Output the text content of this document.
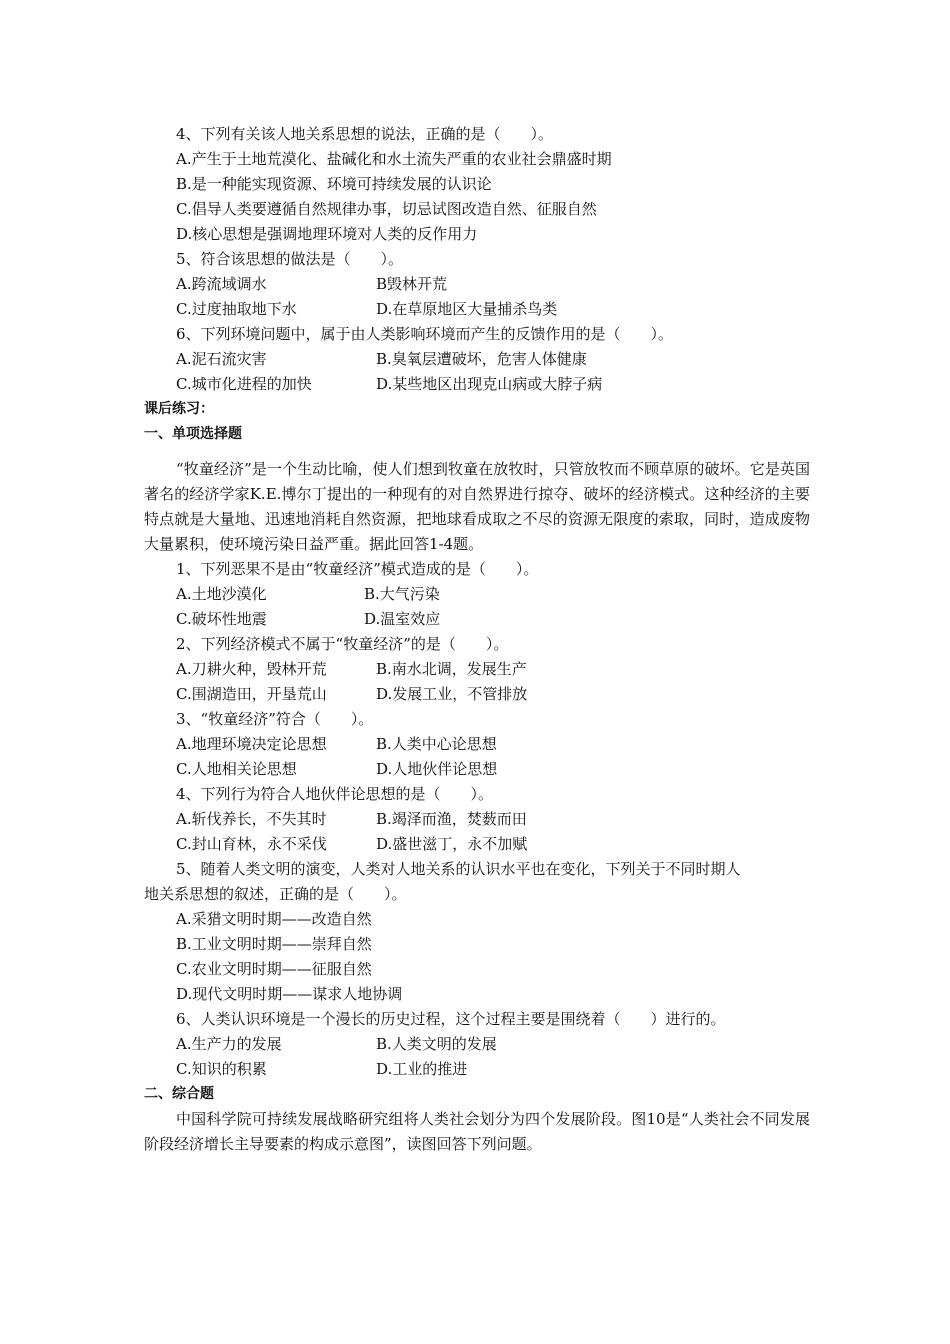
4、下列有关该人地关系思想的说法，正确的是（　　）。
A.产生于土地荒漠化、盐碱化和水土流失严重的农业社会鼎盛时期
B.是一种能实现资源、环境可持续发展的认识论
C.倡导人类要遵循自然规律办事，切忌试图改造自然、征服自然
D.核心思想是强调地理环境对人类的反作用力
5、符合该思想的做法是（　　）。
A.跨流域调水	B毁林开荒
C.过度抽取地下水	D.在草原地区大量捕杀鸟类
6、下列环境问题中，属于由人类影响环境而产生的反馈作用的是（　　）。
A.泥石流灾害	B.臭氧层遭破坏，危害人体健康
C.城市化进程的加快	D.某些地区出现克山病或大脖子病
课后练习：
一、单项选择题
“牧童经济”是一个生动比喻，使人们想到牧童在放牧时，只管放牧而不顾草原的破坏。它是英国著名的经济学家K.E.博尔丁提出的一种现有的对自然界进行掠夺、破坏的经济模式。这种经济的主要特点就是大量地、迅速地消耗自然资源，把地球看成取之不尽的资源无限度的索取，同时，造成废物大量累积，使环境污染日益严重。据此回答1-4题。
1、下列恶果不是由“牧童经济”模式造成的是（　　）。
A.土地沙漠化	B.大气污染
C.破坏性地震	D.温室效应
2、下列经济模式不属于“牧童经济”的是（　　）。
A.刀耕火种，毁林开荒	B.南水北调，发展生产
C.围湖造田，开垦荒山	D.发展工业，不管排放
3、“牧童经济”符合（　　）。
A.地理环境决定论思想	B.人类中心论思想
C.人地相关论思想	D.人地伙伴论思想
4、下列行为符合人地伙伴论思想的是（　　）。
A.斩伐养长，不失其时	B.竭泽而渔，焚薮而田
C.封山育林，永不采伐	D.盛世滋丁，永不加赋
5、随着人类文明的演变，人类对人地关系的认识水平也在变化，下列关于不同时期人
地关系思想的叙述，正确的是（　　）。
A.采猎文明时期——改造自然
B.工业文明时期——崇拜自然
C.农业文明时期——征服自然
D.现代文明时期——谋求人地协调
6、人类认识环境是一个漫长的历史过程，这个过程主要是围绕着（　　）进行的。
A.生产力的发展	B.人类文明的发展
C.知识的积累	D.工业的推进
二、综合题
中国科学院可持续发展战略研究组将人类社会划分为四个发展阶段。图10是“人类社会不同发展阶段经济增长主导要素的构成示意图”，读图回答下列问题。
